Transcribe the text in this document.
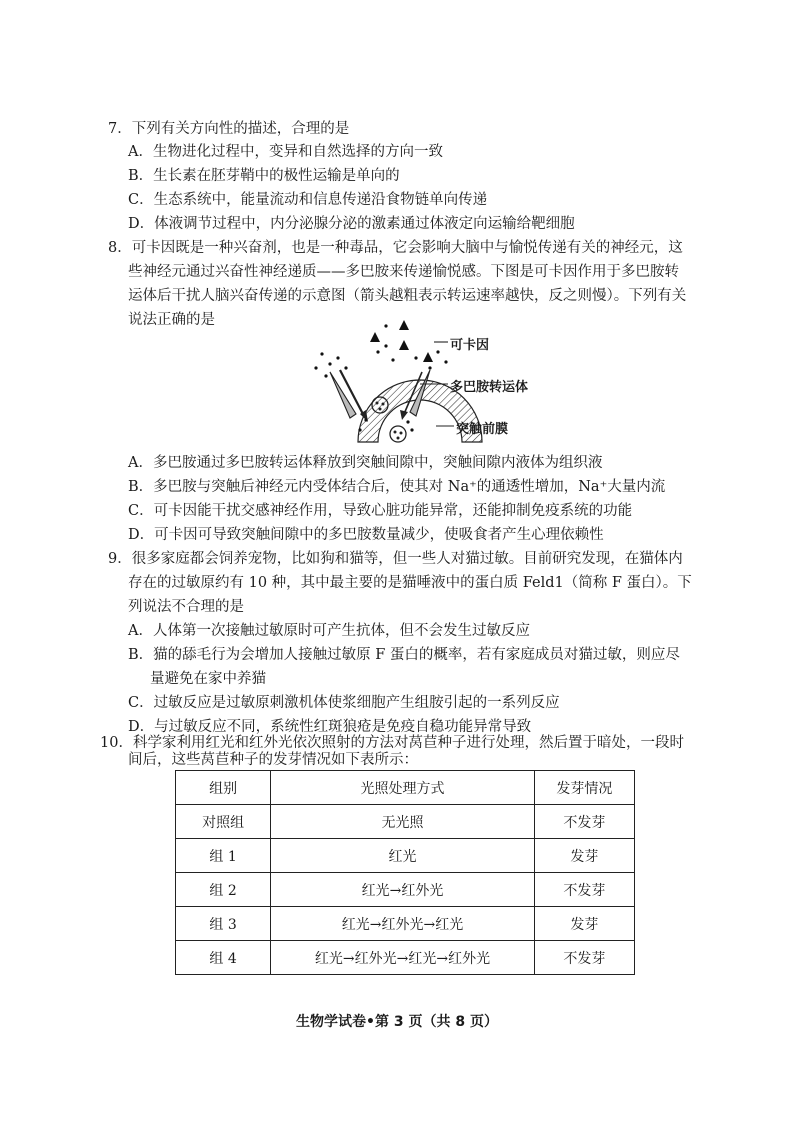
7．下列有关方向性的描述，合理的是
A．生物进化过程中，变异和自然选择的方向一致
B．生长素在胚芽鞘中的极性运输是单向的
C．生态系统中，能量流动和信息传递沿食物链单向传递
D．体液调节过程中，内分泌腺分泌的激素通过体液定向运输给靶细胞
8．可卡因既是一种兴奋剂，也是一种毒品，它会影响大脑中与愉悦传递有关的神经元，这
些神经元通过兴奋性神经递质——多巴胺来传递愉悦感。下图是可卡因作用于多巴胺转
运体后干扰人脑兴奋传递的示意图（箭头越粗表示转运速率越快，反之则慢）。下列有关
说法正确的是
可卡因
多巴胺转运体
突触前膜
A．多巴胺通过多巴胺转运体释放到突触间隙中，突触间隙内液体为组织液
B．多巴胺与突触后神经元内受体结合后，使其对 Na⁺的通透性增加，Na⁺大量内流
C．可卡因能干扰交感神经作用，导致心脏功能异常，还能抑制免疫系统的功能
D．可卡因可导致突触间隙中的多巴胺数量减少，使吸食者产生心理依赖性
9．很多家庭都会饲养宠物，比如狗和猫等，但一些人对猫过敏。目前研究发现，在猫体内
存在的过敏原约有 10 种，其中最主要的是猫唾液中的蛋白质 Feld1（简称 F 蛋白）。下
列说法不合理的是
A．人体第一次接触过敏原时可产生抗体，但不会发生过敏反应
B．猫的舔毛行为会增加人接触过敏原 F 蛋白的概率，若有家庭成员对猫过敏，则应尽
量避免在家中养猫
C．过敏反应是过敏原刺激机体使浆细胞产生组胺引起的一系列反应
D．与过敏反应不同，系统性红斑狼疮是免疫自稳功能异常导致
10．科学家利用红光和红外光依次照射的方法对莴苣种子进行处理，然后置于暗处，一段时
间后，这些莴苣种子的发芽情况如下表所示：
组别	光照处理方式	发芽情况
对照组	无光照	不发芽
组 1	红光	发芽
组 2	红光→红外光	不发芽
组 3	红光→红外光→红光	发芽
组 4	红光→红外光→红光→红外光	不发芽
生物学试卷•第 3 页（共 8 页）
